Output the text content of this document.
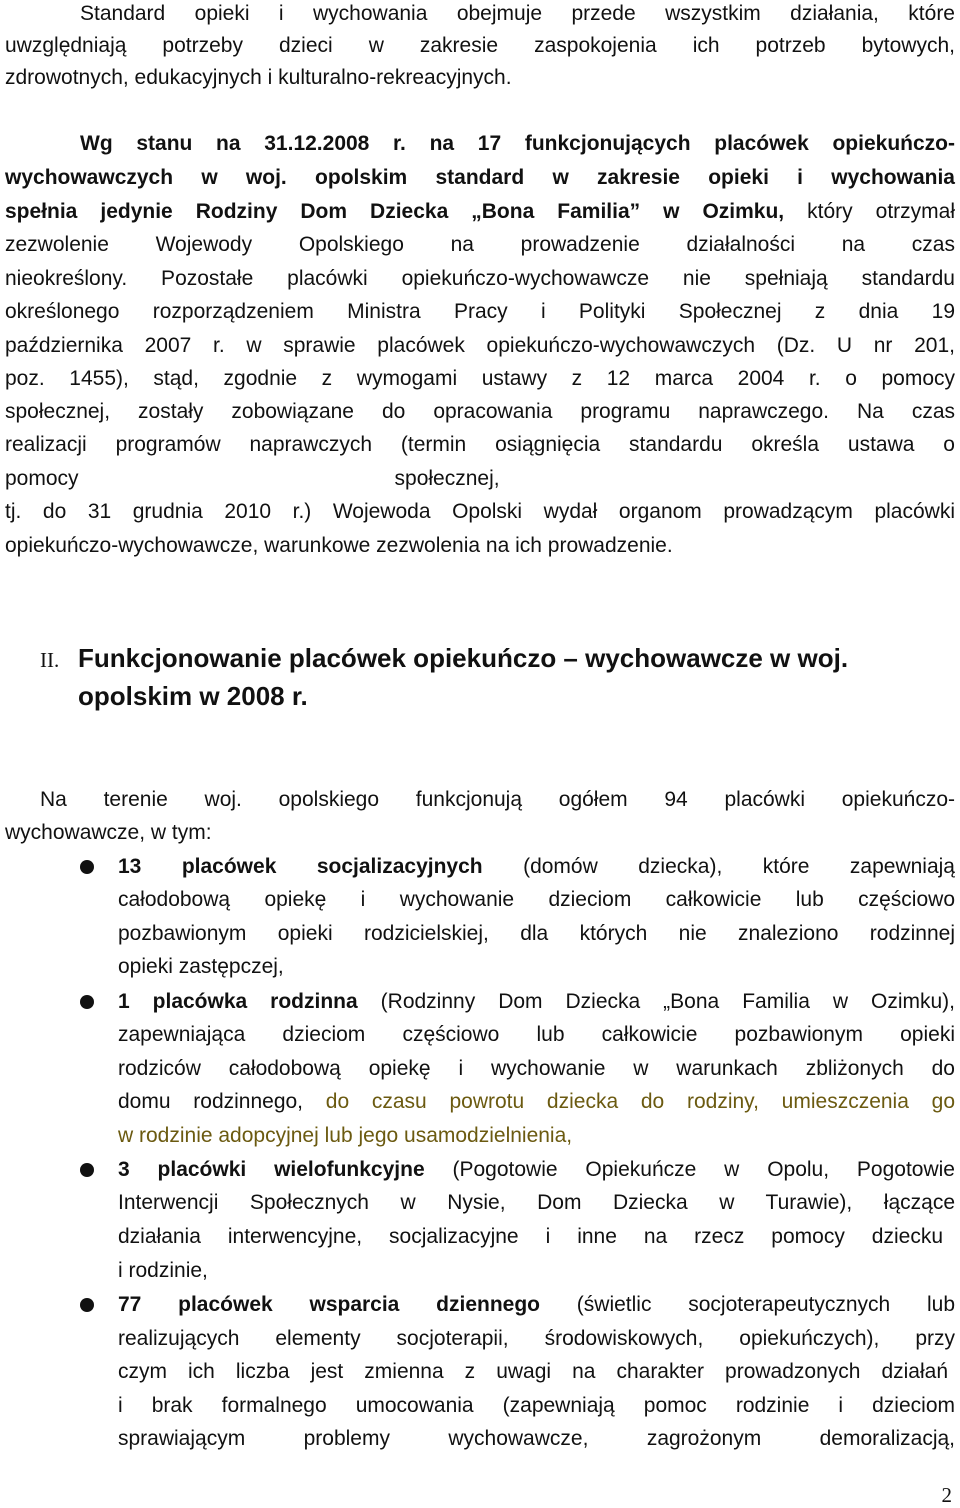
Standard opieki i wychowania obejmuje przede wszystkim działania, które

uwzględniają potrzeby dzieci w zakresie zaspokojenia ich potrzeb bytowych,

zdrowotnych, edukacyjnych i kulturalno-rekreacyjnych.

Wg stanu na 31.12.2008 r. na 17 funkcjonujących placówek opiekuńczo-

wychowawczych w woj. opolskim standard w zakresie opieki i wychowania

spełnia jedynie Rodziny Dom Dziecka „Bona Familia” w Ozimku, który otrzymał

zezwolenie Wojewody Opolskiego na prowadzenie działalności na czas

nieokreślony. Pozostałe placówki opiekuńczo-wychowawcze nie spełniają standardu

określonego rozporządzeniem Ministra Pracy i Polityki Społecznej z dnia 19

października 2007 r. w sprawie placówek opiekuńczo-wychowawczych (Dz. U nr 201,

poz. 1455), stąd, zgodnie z wymogami ustawy z 12 marca 2004 r. o pomocy

społecznej, zostały zobowiązane do opracowania programu naprawczego. Na czas

realizacji programów naprawczych (termin osiągnięcia standardu określa ustawa o

pomocy	społecznej,

tj. do 31 grudnia 2010 r.) Wojewoda Opolski wydał organom prowadzącym placówki

opiekuńczo-wychowawcze, warunkowe zezwolenia na ich prowadzenie.

II. Funkcjonowanie placówek opiekuńczo – wychowawcze w woj.
opolskim w 2008 r.

Na terenie woj. opolskiego funkcjonują ogółem 94 placówki opiekuńczo-

wychowawcze, w tym:

13 placówek socjalizacyjnych (domów dziecka), które zapewniają

całodobową opiekę i wychowanie dzieciom całkowicie lub częściowo

pozbawionym opieki rodzicielskiej, dla których nie znaleziono rodzinnej

opieki zastępczej,

1 placówka rodzinna (Rodzinny Dom Dziecka „Bona Familia w Ozimku),

zapewniająca dzieciom częściowo lub całkowicie pozbawionym opieki

rodziców całodobową opiekę i wychowanie w warunkach zbliżonych do

domu rodzinnego, do czasu powrotu dziecka do rodziny, umieszczenia go

w rodzinie adopcyjnej lub jego usamodzielnienia,

3 placówki wielofunkcyjne (Pogotowie Opiekuńcze w Opolu, Pogotowie

Interwencji Społecznych w Nysie, Dom Dziecka w Turawie), łączące

działania interwencyjne, socjalizacyjne i inne na rzecz pomocy dziecku

i rodzinie,

77 placówek wsparcia dziennego (świetlic socjoterapeutycznych lub

realizujących elementy socjoterapii, środowiskowych, opiekuńczych), przy

czym ich liczba jest zmienna z uwagi na charakter prowadzonych działań

i brak formalnego umocowania (zapewniają pomoc rodzinie i dzieciom

sprawiającym problemy wychowawcze, zagrożonym demoralizacją,

2
